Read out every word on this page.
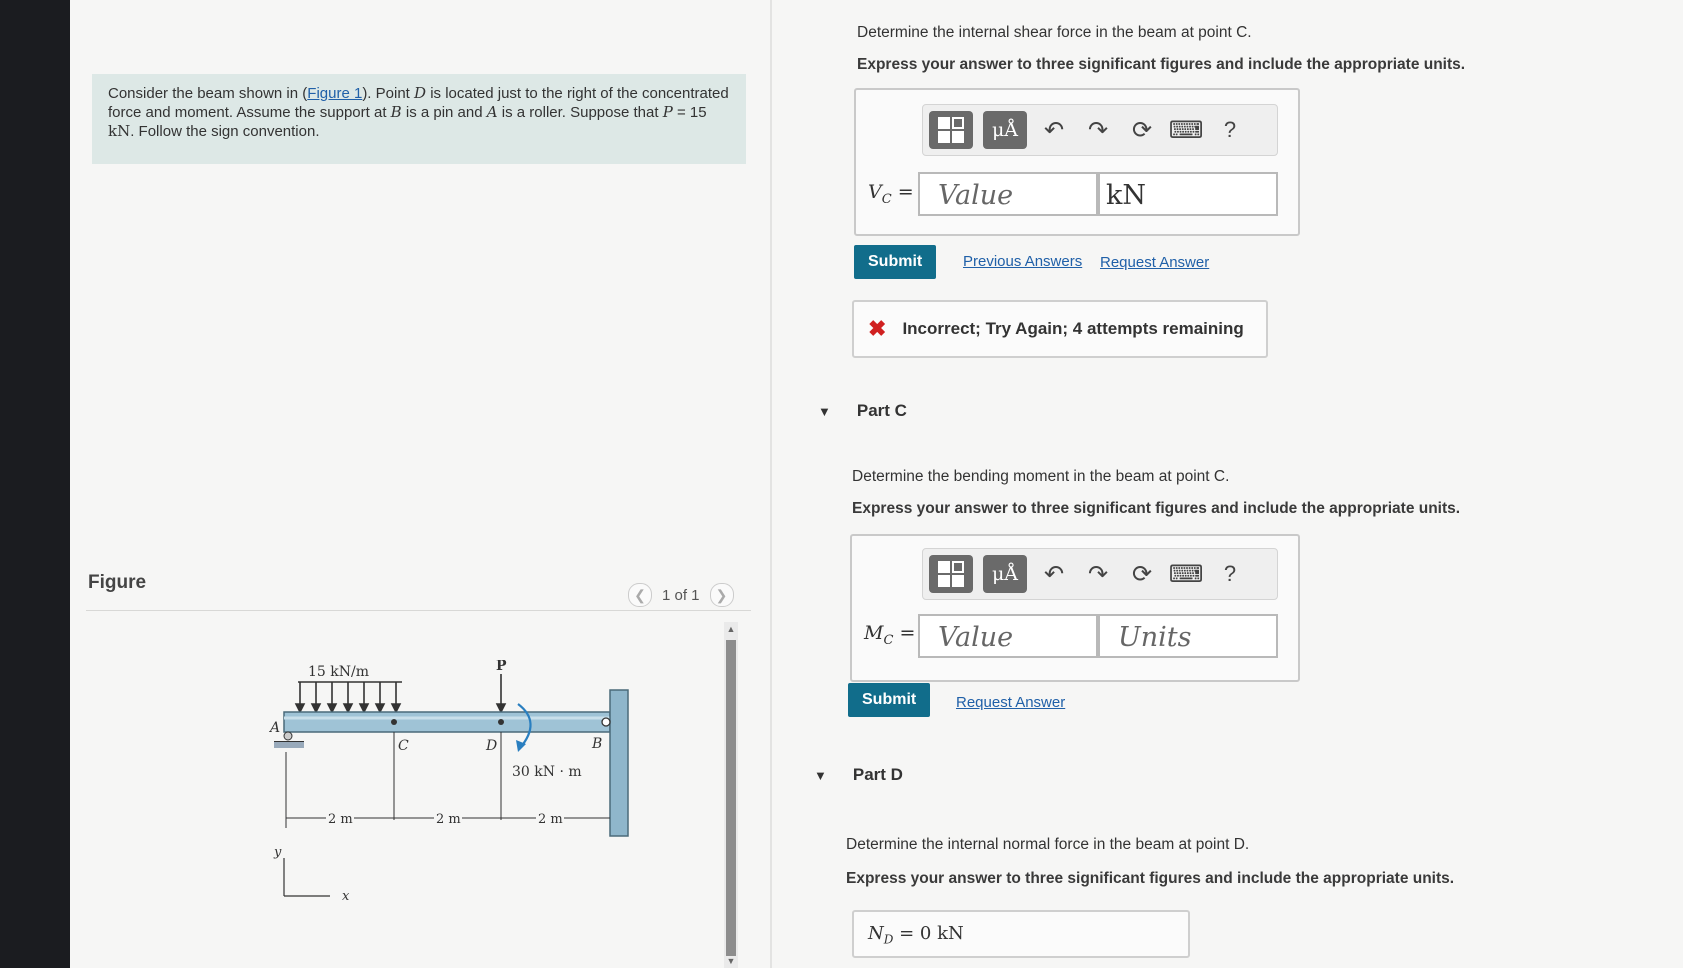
Consider the beam shown in (Figure 1). Point D is located just to the right of the concentrated force and moment. Assume the support at B is a pin and A is a roller. Suppose that P = 15 kN. Follow the sign convention.
Figure
❮	1 of 1	❯
15 kN/m	P
B
A
C	D
30 kN · m
2 m	2 m	2 m
y
x
▲
▼
Determine the internal shear force in the beam at point C.
Express your answer to three significant figures and include the appropriate units.
μÅ	↶ ↷ ⟳ ⌨ ?
$V_C$ = Value	kN
Submit	Previous Answers Request Answer
✖ Incorrect; Try Again; 4 attempts remaining
▼ Part C
Determine the bending moment in the beam at point C.
Express your answer to three significant figures and include the appropriate units.
μÅ	↶ ↷ ⟳ ⌨ ?
$M_C$ = Value	Units
Submit	Request Answer
▼ Part D
Determine the internal normal force in the beam at point D.
Express your answer to three significant figures and include the appropriate units.
$N_D = 0$ kN
